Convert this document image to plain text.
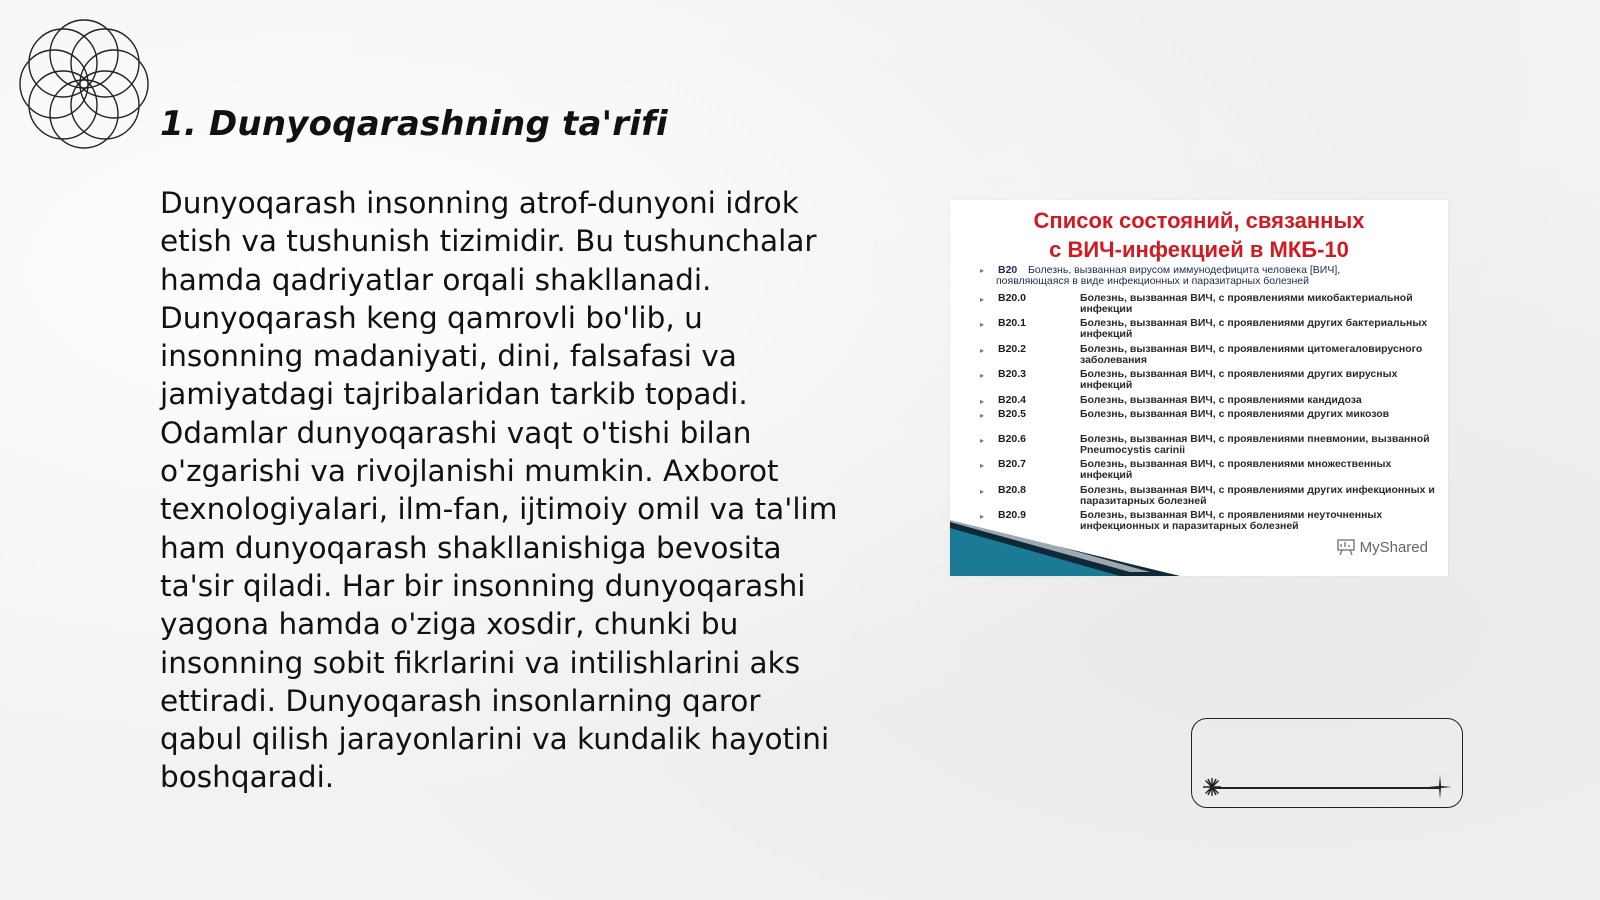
1. Dunyoqarashning ta'rifi

Dunyoqarash insonning atrof-dunyoni idrok etish va tushunish tizimidir. Bu tushunchalar hamda qadriyatlar orqali shakllanadi. Dunyoqarash keng qamrovli bo'lib, u insonning madaniyati, dini, falsafasi va jamiyatdagi tajribalaridan tarkib topadi. Odamlar dunyoqarashi vaqt o'tishi bilan o'zgarishi va rivojlanishi mumkin. Axborot texnologiyalari, ilm-fan, ijtimoiy omil va ta'lim ham dunyoqarash shakllanishiga bevosita ta'sir qiladi. Har bir insonning dunyoqarashi yagona hamda o'ziga xosdir, chunki bu insonning sobit fikrlarini va intilishlarini aks ettiradi. Dunyoqarash insonlarning qaror qabul qilish jarayonlarini va kundalik hayotini boshqaradi.

Список состояний, связанных
с ВИЧ-инфекцией в МКБ-10
▸ B20 Болезнь, вызванная вирусом иммунодефицита человека [ВИЧ],
появляющаяся в виде инфекционных и паразитарных болезней
▸ B20.0	Болезнь, вызванная ВИЧ, с проявлениями микобактериальной инфекции
▸ B20.1	Болезнь, вызванная ВИЧ, с проявлениями других бактериальных инфекций
▸ B20.2	Болезнь, вызванная ВИЧ, с проявлениями цитомегаловирусного заболевания
▸ B20.3	Болезнь, вызванная ВИЧ, с проявлениями других вирусных инфекций
▸ B20.4	Болезнь, вызванная ВИЧ, с проявлениями кандидоза
▸ B20.5	Болезнь, вызванная ВИЧ, с проявлениями других микозов
▸ B20.6	Болезнь, вызванная ВИЧ, с проявлениями пневмонии, вызванной Pneumocystis carinii
▸ B20.7	Болезнь, вызванная ВИЧ, с проявлениями множественных инфекций
▸ B20.8	Болезнь, вызванная ВИЧ, с проявлениями других инфекционных и паразитарных болезней
▸ B20.9	Болезнь, вызванная ВИЧ, с проявлениями неуточненных инфекционных и паразитарных болезней
MyShared
